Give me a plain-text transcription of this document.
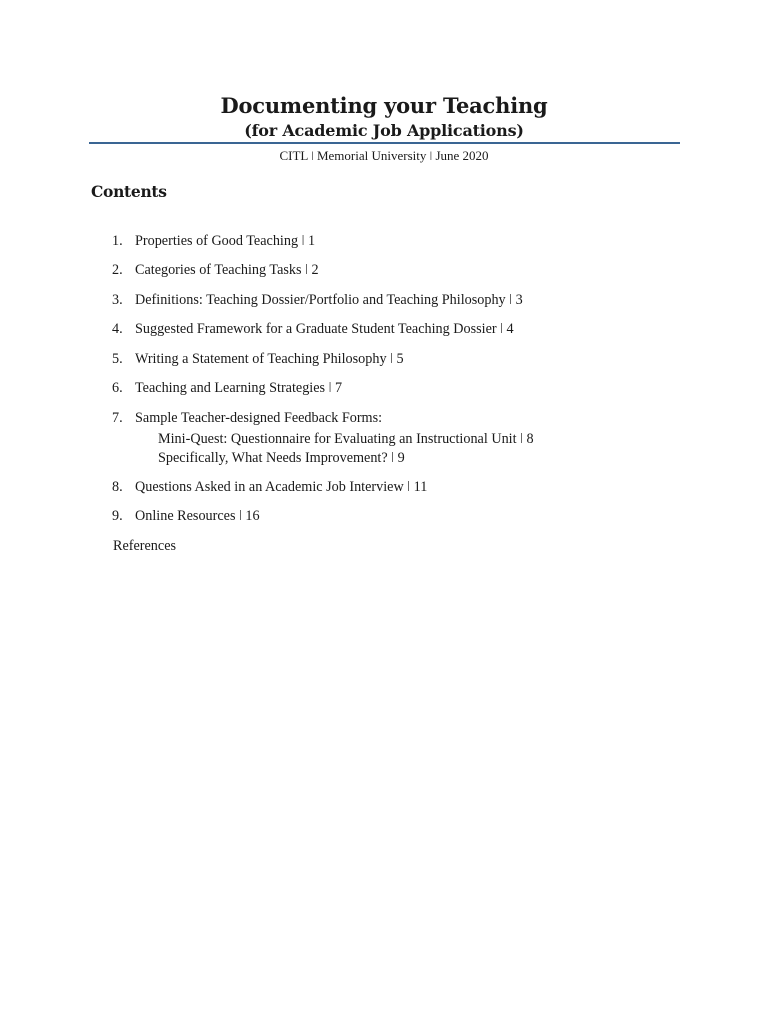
Documenting your Teaching
(for Academic Job Applications)
CITL ǀ Memorial University ǀ June 2020
Contents
1. Properties of Good Teaching ǀ 1
2. Categories of Teaching Tasks ǀ 2
3. Definitions: Teaching Dossier/Portfolio and Teaching Philosophy ǀ 3
4. Suggested Framework for a Graduate Student Teaching Dossier ǀ 4
5. Writing a Statement of Teaching Philosophy ǀ 5
6. Teaching and Learning Strategies ǀ 7
7. Sample Teacher-designed Feedback Forms:
Mini-Quest: Questionnaire for Evaluating an Instructional Unit ǀ 8
Specifically, What Needs Improvement? ǀ 9
8. Questions Asked in an Academic Job Interview ǀ 11
9. Online Resources ǀ 16
References
